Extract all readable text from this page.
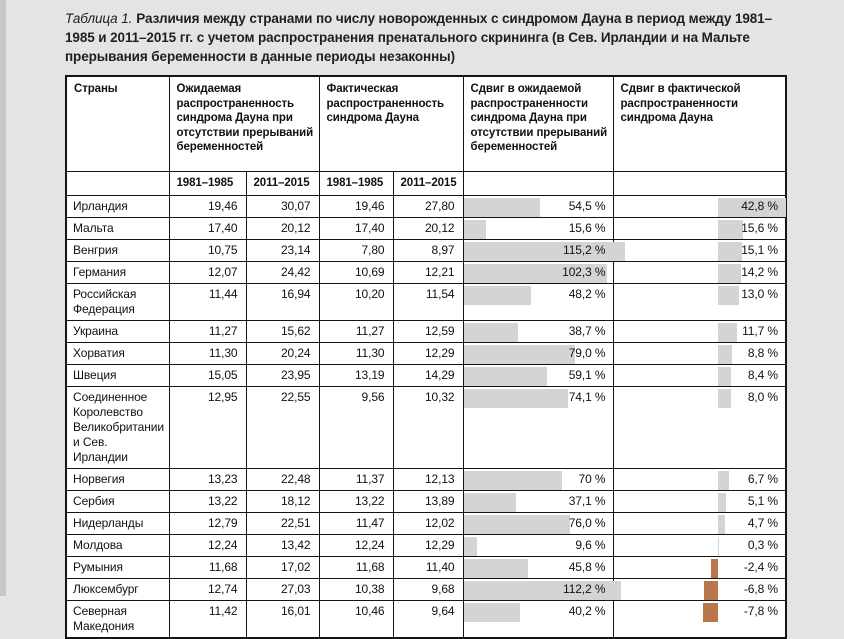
Таблица 1. Различия между странами по числу новорожденных с синдромом Дауна в период между 1981–1985 и 2011–2015 гг. с учетом распространения пренатального скрининга (в Сев. Ирландии и на Мальте прерывания беременности в данные периоды незаконны)

Страны	Ожидаемая распространенность синдрома Дауна при отсутствии прерываний беременностей		Фактическая распространенность синдрома Дауна		Сдвиг в ожидаемой распространенности синдрома Дауна при отсутствии прерываний беременностей	Сдвиг в фактической распространенности синдрома Дауна
	1981–1985	2011–2015	1981–1985	2011–2015		
Ирландия	19,46	30,07	19,46	27,80	54,5 %	42,8 %
Мальта	17,40	20,12	17,40	20,12	15,6 %	15,6 %
Венгрия	10,75	23,14	7,80	8,97	115,2 %	15,1 %
Германия	12,07	24,42	10,69	12,21	102,3 %	14,2 %
Российская Федерация	11,44	16,94	10,20	11,54	48,2 %	13,0 %
Украина	11,27	15,62	11,27	12,59	38,7 %	11,7 %
Хорватия	11,30	20,24	11,30	12,29	79,0 %	8,8 %
Швеция	15,05	23,95	13,19	14,29	59,1 %	8,4 %
Соединенное Королевство Великобритании и Сев. Ирландии	12,95	22,55	9,56	10,32	74,1 %	8,0 %
Норвегия	13,23	22,48	11,37	12,13	70 %	6,7 %
Сербия	13,22	18,12	13,22	13,89	37,1 %	5,1 %
Нидерланды	12,79	22,51	11,47	12,02	76,0 %	4,7 %
Молдова	12,24	13,42	12,24	12,29	9,6 %	0,3 %
Румыния	11,68	17,02	11,68	11,40	45,8 %	-2,4 %
Люксембург	12,74	27,03	10,38	9,68	112,2 %	-6,8 %
Северная Македония	11,42	16,01	10,46	9,64	40,2 %	-7,8 %
